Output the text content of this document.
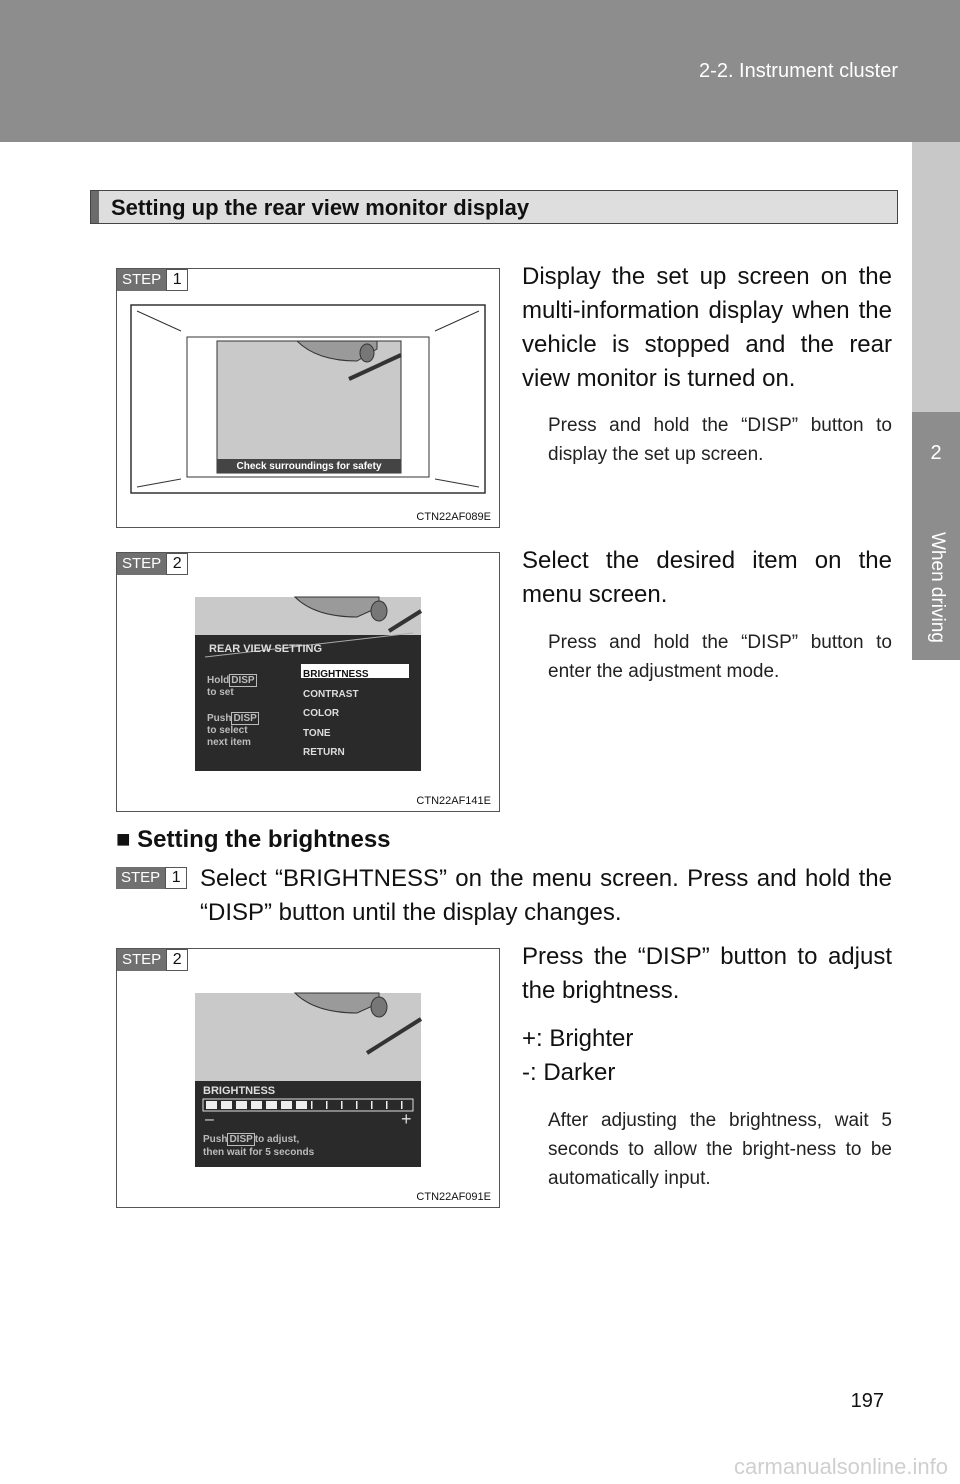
2-2. Instrument cluster
2
When driving
Setting up the rear view monitor display
STEP 1
Check surroundings for safety
CTN22AF089E
Display the set up screen on the multi-information display when the vehicle is stopped and the rear view monitor is turned on.
Press and hold the “DISP” button to display the set up screen.
STEP 2
REAR VIEW SETTING
Hold DISP
to set
Push DISP
to select
next item
BRIGHTNESS
CONTRAST
COLOR
TONE
RETURN
CTN22AF141E
Select the desired item on the menu screen.
Press and hold the “DISP” button to enter the adjustment mode.
■ Setting the brightness
STEP 1 Select “BRIGHTNESS” on the menu screen. Press and hold the “DISP” button until the display changes.
STEP 2
BRIGHTNESS
–	+
Push DISP to adjust,
then wait for 5 seconds
CTN22AF091E
Press the “DISP” button to adjust the brightness.
+: Brighter
-: Darker
After adjusting the brightness, wait 5 seconds to allow the bright-ness to be automatically input.
197
carmanualsonline.info
